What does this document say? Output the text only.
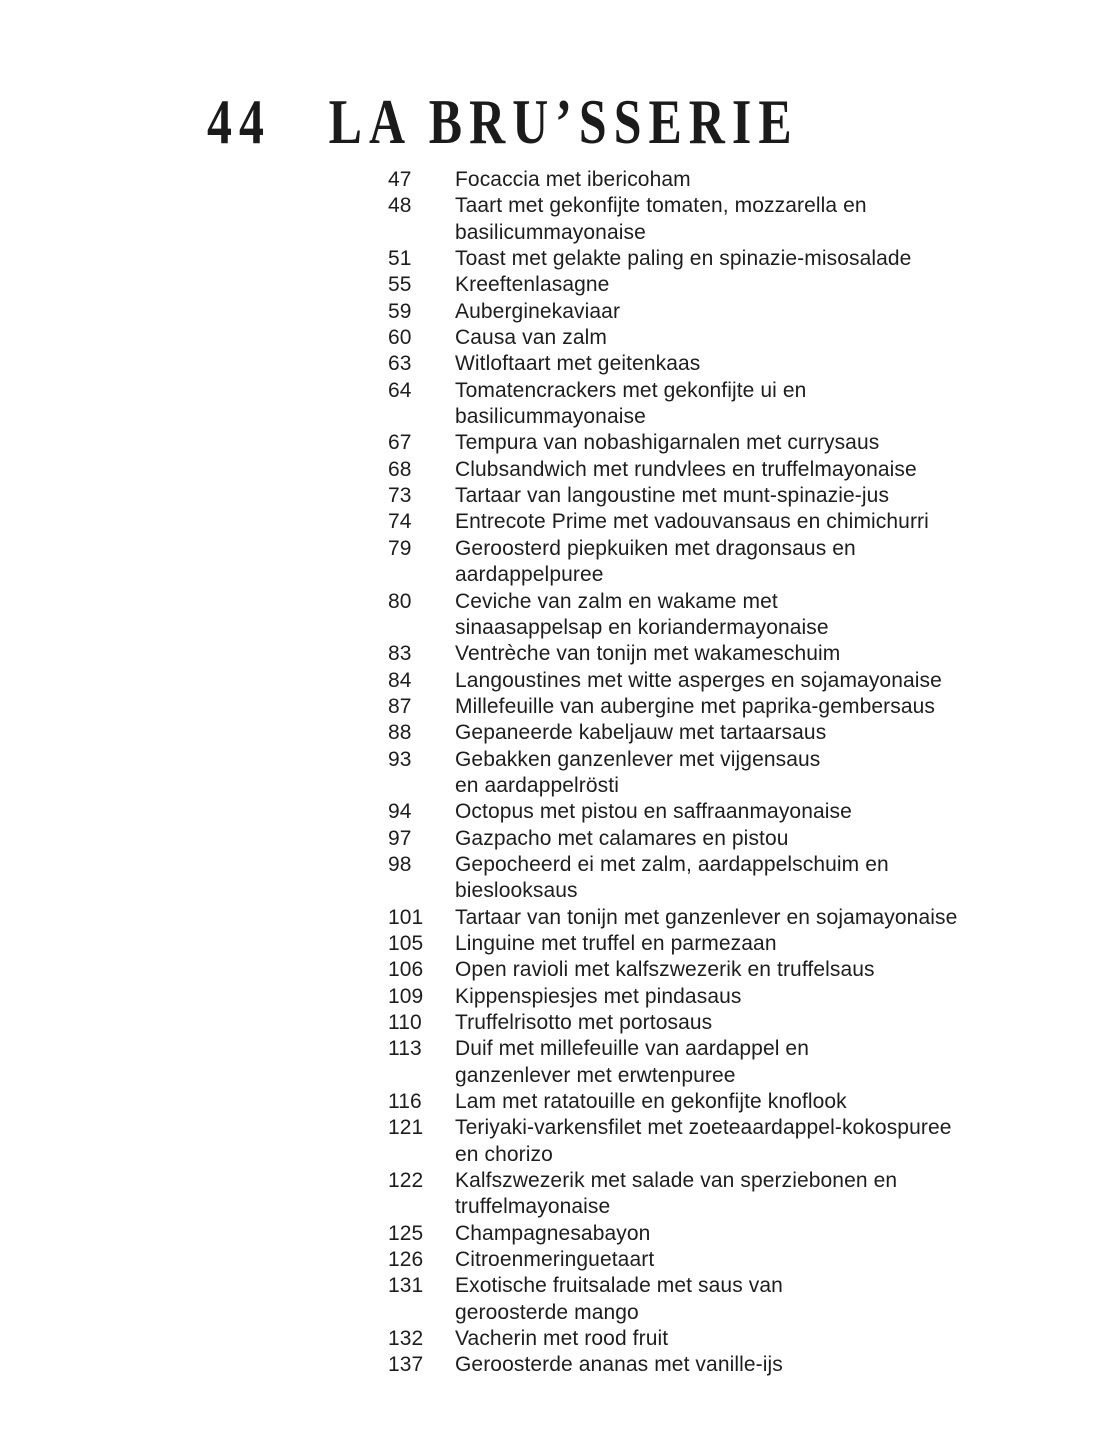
44 LA BRU’SSERIE
47	Focaccia met ibericoham
48	Taart met gekonfijte tomaten, mozzarella en
basilicummayonaise
51	Toast met gelakte paling en spinazie-misosalade
55	Kreeftenlasagne
59	Auberginekaviaar
60	Causa van zalm
63	Witloftaart met geitenkaas
64	Tomatencrackers met gekonfijte ui en
basilicummayonaise
67	Tempura van nobashigarnalen met currysaus
68	Clubsandwich met rundvlees en truffelmayonaise
73	Tartaar van langoustine met munt-spinazie-jus
74	Entrecote Prime met vadouvansaus en chimichurri
79	Geroosterd piepkuiken met dragonsaus en
aardappelpuree
80	Ceviche van zalm en wakame met
sinaasappelsap en koriandermayonaise
83	Ventrèche van tonijn met wakameschuim
84	Langoustines met witte asperges en sojamayonaise
87	Millefeuille van aubergine met paprika-gembersaus
88	Gepaneerde kabeljauw met tartaarsaus
93	Gebakken ganzenlever met vijgensaus
en aardappelrösti
94	Octopus met pistou en saffraanmayonaise
97	Gazpacho met calamares en pistou
98	Gepocheerd ei met zalm, aardappelschuim en
bieslooksaus
101	Tartaar van tonijn met ganzenlever en sojamayonaise
105	Linguine met truffel en parmezaan
106	Open ravioli met kalfszwezerik en truffelsaus
109	Kippenspiesjes met pindasaus
110	Truffelrisotto met portosaus
113	Duif met millefeuille van aardappel en
ganzenlever met erwtenpuree
116	Lam met ratatouille en gekonfijte knoflook
121	Teriyaki-varkensfilet met zoeteaardappel-kokospuree
en chorizo
122	Kalfszwezerik met salade van sperziebonen en
truffelmayonaise
125	Champagnesabayon
126	Citroenmeringuetaart
131	Exotische fruitsalade met saus van
geroosterde mango
132	Vacherin met rood fruit
137	Geroosterde ananas met vanille-ijs
